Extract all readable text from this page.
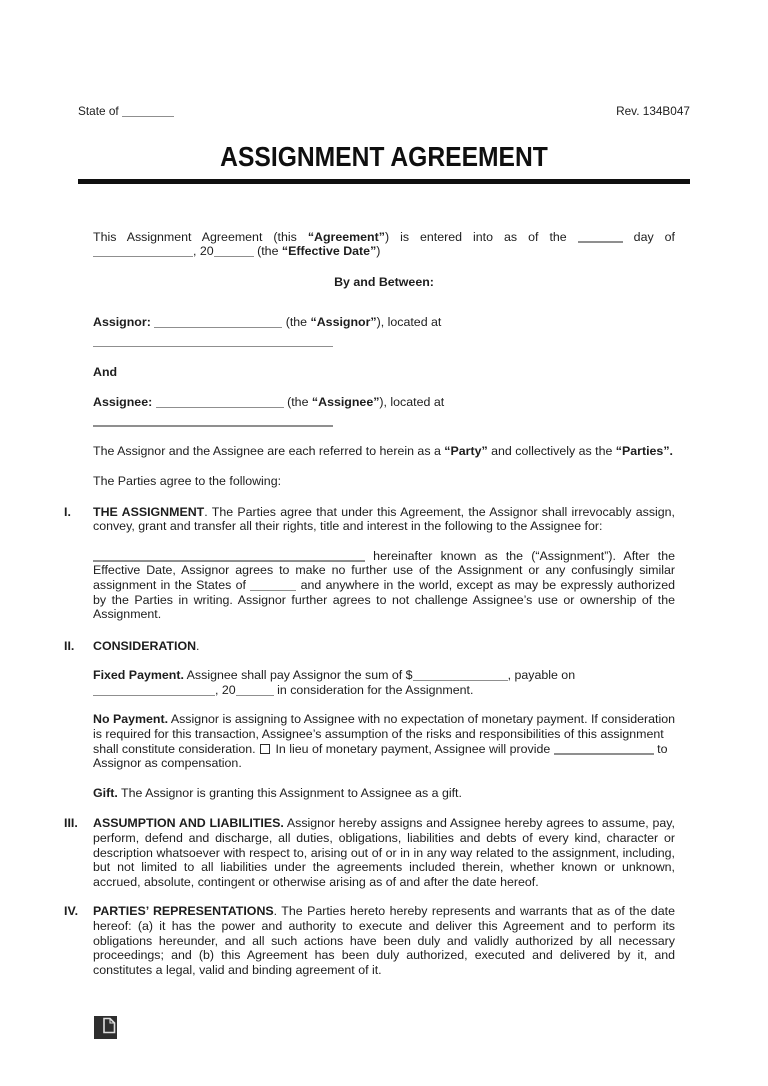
State of	Rev. 134B047
ASSIGNMENT AGREEMENT

This Assignment Agreement (this “Agreement”) is entered into as of the	day of , 20	(the “Effective Date”)

By and Between:

Assignor:	(the “Assignor”), located at

And

Assignee:	(the “Assignee”), located at

The Assignor and the Assignee are each referred to herein as a “Party” and collectively as the “Parties”.

The Parties agree to the following:

I. THE ASSIGNMENT. The Parties agree that under this Agreement, the Assignor shall irrevocably assign, convey, grant and transfer all their rights, title and interest in the following to the Assignee for:

hereinafter known as the (“Assignment”). After the Effective Date, Assignor agrees to make no further use of the Assignment or any confusingly similar assignment in the States of	and anywhere in the world, except as may be expressly authorized by the Parties in writing. Assignor further agrees to not challenge Assignee’s use or ownership of the Assignment.

II. CONSIDERATION.

Fixed Payment. Assignee shall pay Assignor the sum of $	, payable on , 20	in consideration for the Assignment.

No Payment. Assignor is assigning to Assignee with no expectation of monetary payment. If consideration is required for this transaction, Assignee’s assumption of the risks and responsibilities of this assignment shall constitute consideration.  In lieu of monetary payment, Assignee will provide	to Assignor as compensation.

Gift. The Assignor is granting this Assignment to Assignee as a gift.

III. ASSUMPTION AND LIABILITIES. Assignor hereby assigns and Assignee hereby agrees to assume, pay, perform, defend and discharge, all duties, obligations, liabilities and debts of every kind, character or description whatsoever with respect to, arising out of or in in any way related to the assignment, including, but not limited to all liabilities under the agreements included therein, whether known or unknown, accrued, absolute, contingent or otherwise arising as of and after the date hereof.

IV. PARTIES’ REPRESENTATIONS. The Parties hereto hereby represents and warrants that as of the date hereof: (a) it has the power and authority to execute and deliver this Agreement and to perform its obligations hereunder, and all such actions have been duly and validly authorized by all necessary proceedings; and (b) this Agreement has been duly authorized, executed and delivered by it, and constitutes a legal, valid and binding agreement of it.
